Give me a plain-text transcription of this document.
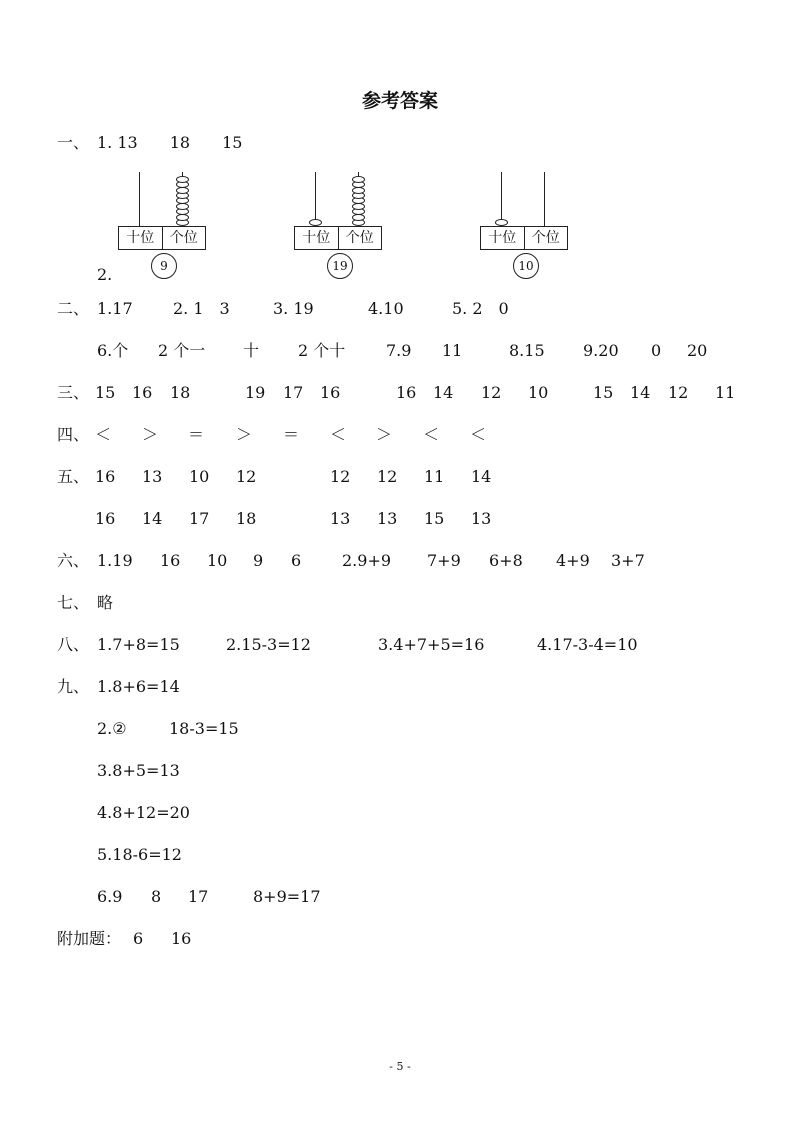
参考答案
一、 1. 13　　18　　15
十位	个位
9
十位	个位
19
十位	个位
10
2.
二、 1.17	2. 1　3	3. 19	4.10	5. 2　0
6.个 2 个一 十 2 个十	7.9 11	8.15 9.20 0 20
三、 15 16 18	19 17 16	16 14 12 10	15 14 12 11
四、 ＜ ＞ ＝ ＞ ＝ ＜ ＞ ＜ ＜
五、 16 13 10 12	12 12 11 14
16 14 17 18	13 13 15 13
六、 1.19 16 10 9 6	2.9+9 7+9 6+8 4+9 3+7
七、 略
八、 1.7+8=15	2.15-3=12	3.4+7+5=16	4.17-3-4=10
九、 1.8+6=14
2.②	18-3=15
3.8+5=13
4.8+12=20
5.18-6=12
6.9 8 17	8+9=17
附加题： 6 16
- 5 -
